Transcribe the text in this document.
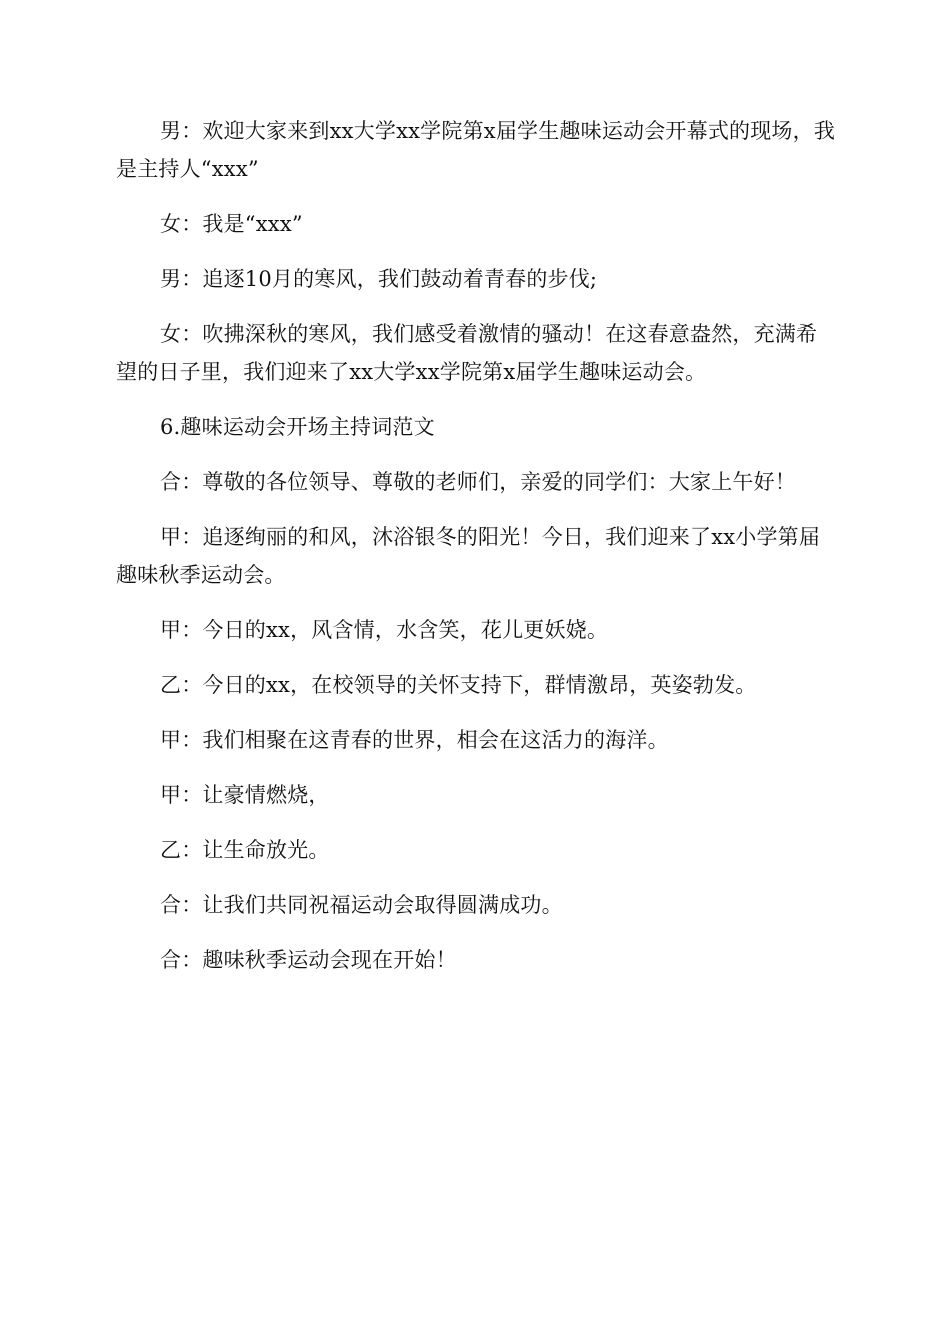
男：欢迎大家来到xx大学xx学院第x届学生趣味运动会开幕式的现场，我是主持人“xxx”

女：我是“xxx”

男：追逐10月的寒风，我们鼓动着青春的步伐;

女：吹拂深秋的寒风，我们感受着激情的骚动！在这春意盎然，充满希望的日子里，我们迎来了xx大学xx学院第x届学生趣味运动会。

6.趣味运动会开场主持词范文

合：尊敬的各位领导、尊敬的老师们，亲爱的同学们：大家上午好！

甲：追逐绚丽的和风，沐浴银冬的阳光！今日，我们迎来了xx小学第届趣味秋季运动会。

甲：今日的xx，风含情，水含笑，花儿更妖娆。

乙：今日的xx，在校领导的关怀支持下，群情激昂，英姿勃发。

甲：我们相聚在这青春的世界，相会在这活力的海洋。

甲：让豪情燃烧，

乙：让生命放光。

合：让我们共同祝福运动会取得圆满成功。

合：趣味秋季运动会现在开始！
